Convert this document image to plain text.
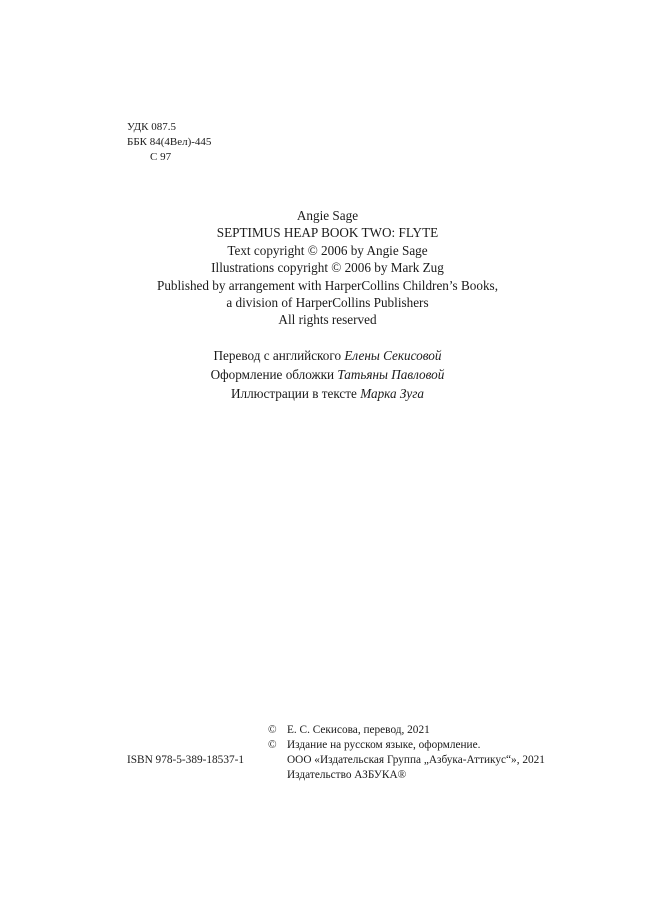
УДК 087.5
ББК 84(4Вел)-445
С 97
Angie Sage
SEPTIMUS HEAP BOOK TWO: FLYTE
Text copyright © 2006 by Angie Sage
Illustrations copyright © 2006 by Mark Zug
Published by arrangement with HarperCollins Children’s Books,
a division of HarperCollins Publishers
All rights reserved
Перевод с английского Елены Секисовой
Оформление обложки Татьяны Павловой
Иллюстрации в тексте Марка Зуга
© Е. С. Секисова, перевод, 2021
© Издание на русском языке, оформление.
ООО «Издательская Группа „Азбука-Аттикус“», 2021
Издательство АЗБУКА®
ISBN 978-5-389-18537-1
